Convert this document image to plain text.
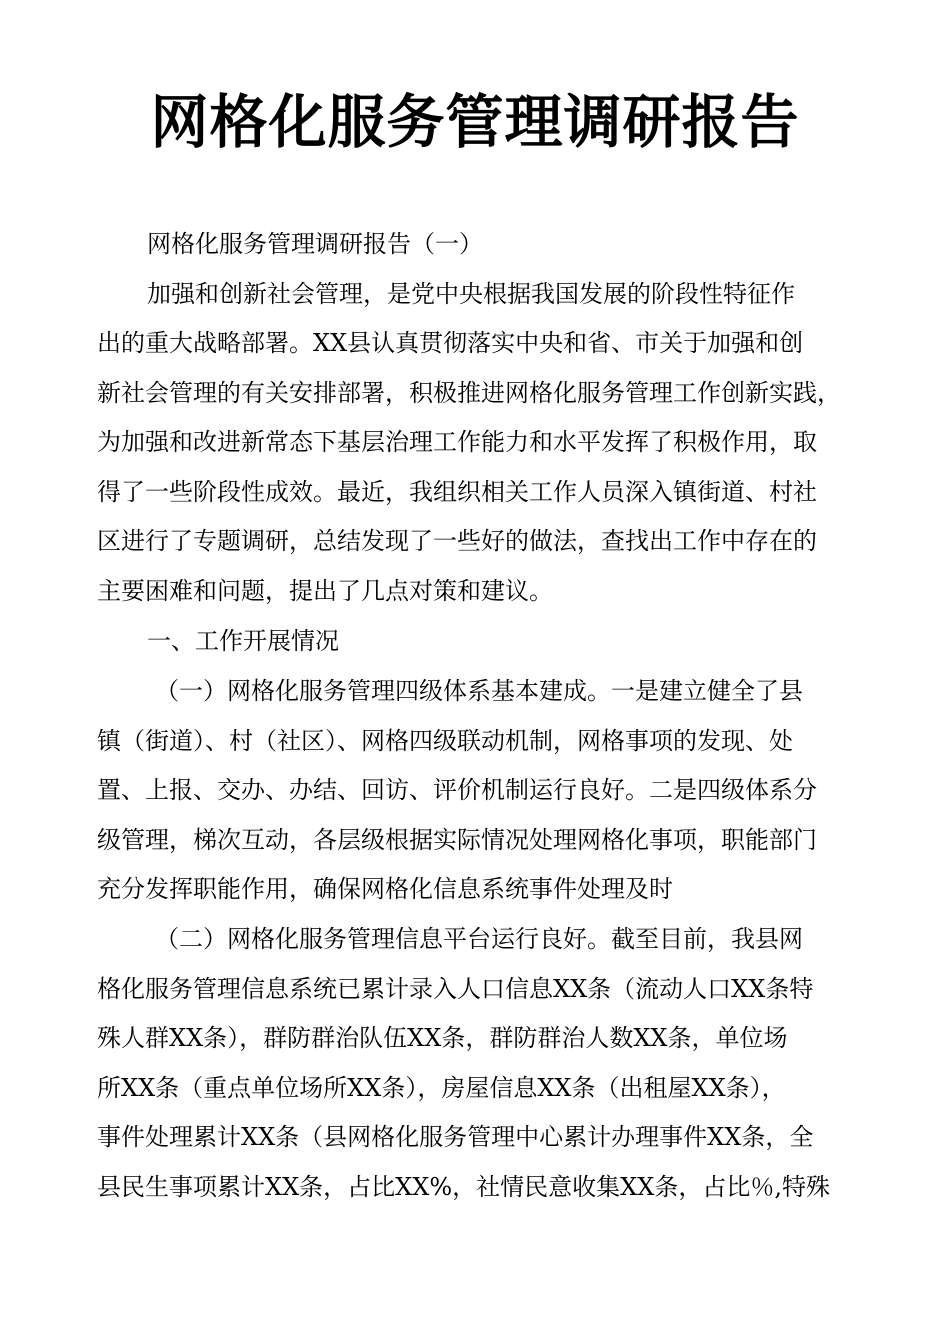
网格化服务管理调研报告
网格化服务管理调研报告（一）
加强和创新社会管理，是党中央根据我国发展的阶段性特征作
出的重大战略部署。XX县认真贯彻落实中央和省、市关于加强和创
新社会管理的有关安排部署，积极推进网格化服务管理工作创新实践，
为加强和改进新常态下基层治理工作能力和水平发挥了积极作用，取
得了一些阶段性成效。最近，我组织相关工作人员深入镇街道、村社
区进行了专题调研，总结发现了一些好的做法，查找出工作中存在的
主要困难和问题，提出了几点对策和建议。
一、工作开展情况
（一）网格化服务管理四级体系基本建成。一是建立健全了县
镇（街道）、村（社区）、网格四级联动机制，网格事项的发现、处
置、上报、交办、办结、回访、评价机制运行良好。二是四级体系分
级管理，梯次互动，各层级根据实际情况处理网格化事项，职能部门
充分发挥职能作用，确保网格化信息系统事件处理及时
（二）网格化服务管理信息平台运行良好。截至目前，我县网
格化服务管理信息系统已累计录入人口信息XX条（流动人口XX条特
殊人群XX条），群防群治队伍XX条，群防群治人数XX条，单位场
所XX条（重点单位场所XX条），房屋信息XX条（出租屋XX条），
事件处理累计XX条（县网格化服务管理中心累计办理事件XX条，全
县民生事项累计XX条，占比XX%，社情民意收集XX条，占比％,特殊
